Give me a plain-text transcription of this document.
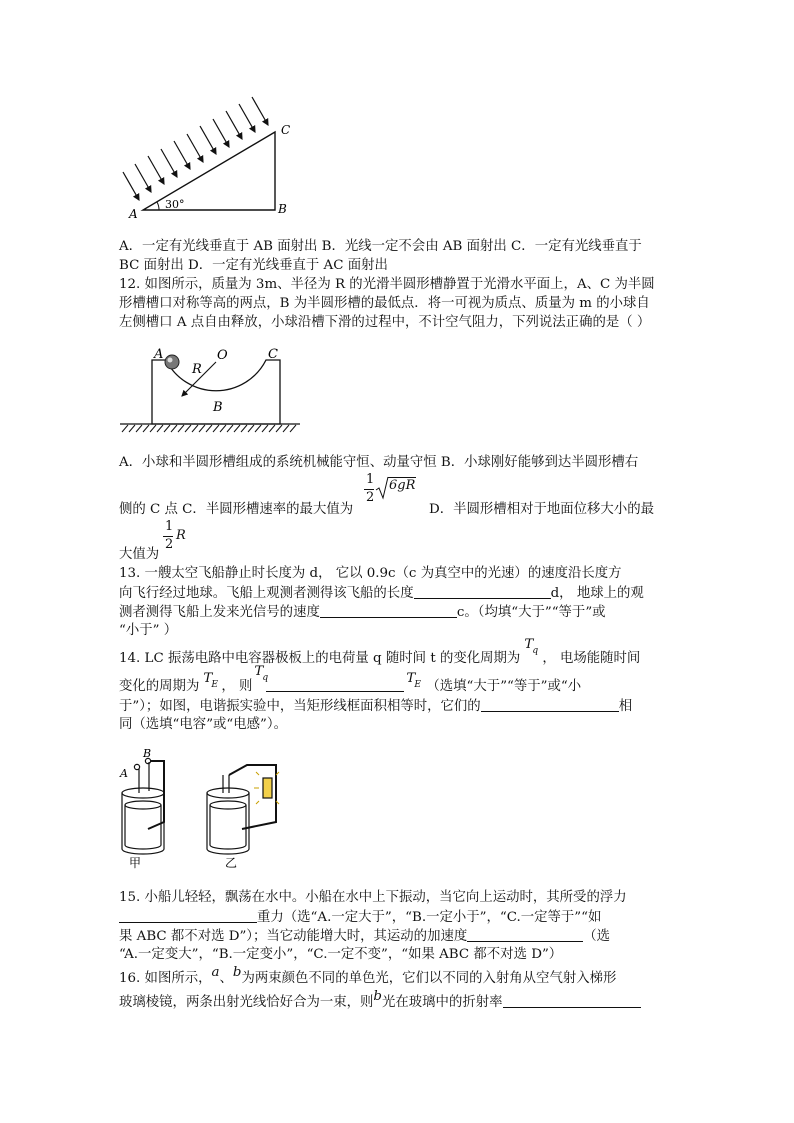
A	B
C
30°
A．一定有光线垂直于 AB 面射出 B．光线一定不会由 AB 面射出 C．一定有光线垂直于
BC 面射出 D．一定有光线垂直于 AC 面射出
12. 如图所示，质量为 3m、半径为 R 的光滑半圆形槽静置于光滑水平面上，A、C 为半圆
形槽槽口对称等高的两点，B 为半圆形槽的最低点．将一可视为质点、质量为 m 的小球自
左侧槽口 A 点自由释放，小球沿槽下滑的过程中，不计空气阻力，下列说法正确的是（ ）
A	O	C
R
B
A．小球和半圆形槽组成的系统机械能守恒、动量守恒 B．小球刚好能够到达半圆形槽右
1
2
6gR
侧的 C 点 C．半圆形槽速率的最大值为	D．半圆形槽相对于地面位移大小的最
1
2
R
大值为
13. 一艘太空飞船静止时长度为 d， 它以 0.9c（c 为真空中的光速）的速度沿长度方
向飞行经过地球。飞船上观测者测得该飞船的长度	d， 地球上的观
测者测得飞船上发来光信号的速度	c。（均填“大于”“等于”或
“小于” ）
14. LC 振荡电路中电容器极板上的电荷量 q 随时间 t 的变化周期为
T q ， 电场能随时间
变化的周期为
T E ， 则
T q	T E （选填“大于”“等于”或“小
于”）；如图，电谐振实验中，当矩形线框面积相等时，它们的	相
同（选填“电容”或“电感”）。
A
B
甲	乙
15. 小船儿轻轻，飘荡在水中。小船在水中上下振动，当它向上运动时，其所受的浮力
重力（选“A.一定大于”，“B.一定小于”，“C.一定等于”“如
果 ABC 都不对选 D”）；当它动能增大时，其运动的加速度	（选
“A.一定变大”，“B.一定变小”，“C.一定不变”，“如果 ABC 都不对选 D”）
16. 如图所示，a、b为两束颜色不同的单色光，它们以不同的入射角从空气射入梯形
玻璃棱镜，两条出射光线恰好合为一束，则b光在玻璃中的折射率
